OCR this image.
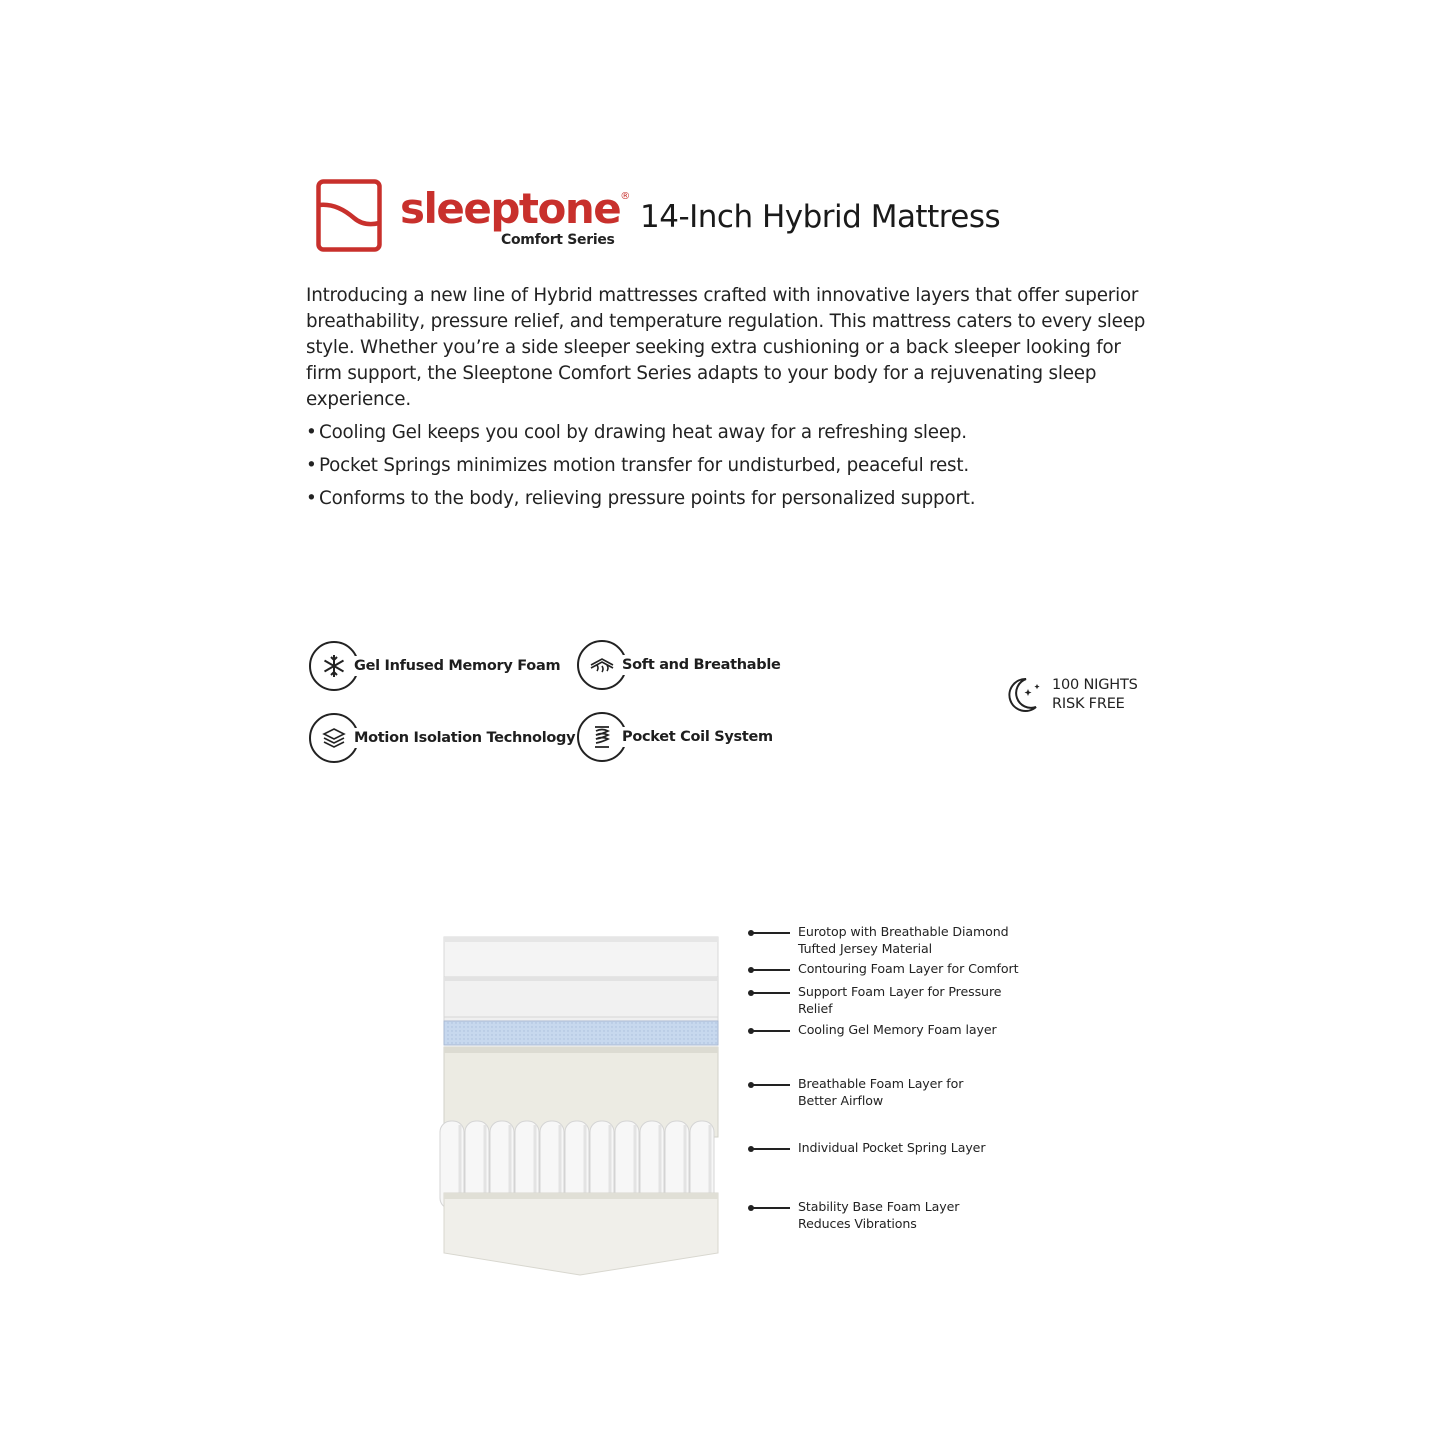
sleeptone®
Comfort Series
14-Inch Hybrid Mattress
Introducing a new line of Hybrid mattresses crafted with innovative layers that offer superior breathability, pressure relief, and temperature regulation. This mattress caters to every sleep style. Whether you’re a side sleeper seeking extra cushioning or a back sleeper looking for firm support, the Sleeptone Comfort Series adapts to your body for a rejuvenating sleep experience.
• Cooling Gel keeps you cool by drawing heat away for a refreshing sleep.
• Pocket Springs minimizes motion transfer for undisturbed, peaceful rest.
• Conforms to the body, relieving pressure points for personalized support.
Gel Infused Memory Foam	Soft and Breathable
Motion Isolation Technology	Pocket Coil System
100 NIGHTS
RISK FREE
Eurotop with Breathable Diamond Tufted Jersey Material
Contouring Foam Layer for Comfort
Support Foam Layer for Pressure Relief
Cooling Gel Memory Foam layer
Breathable Foam Layer for Better Airflow
Individual Pocket Spring Layer
Stability Base Foam Layer Reduces Vibrations
